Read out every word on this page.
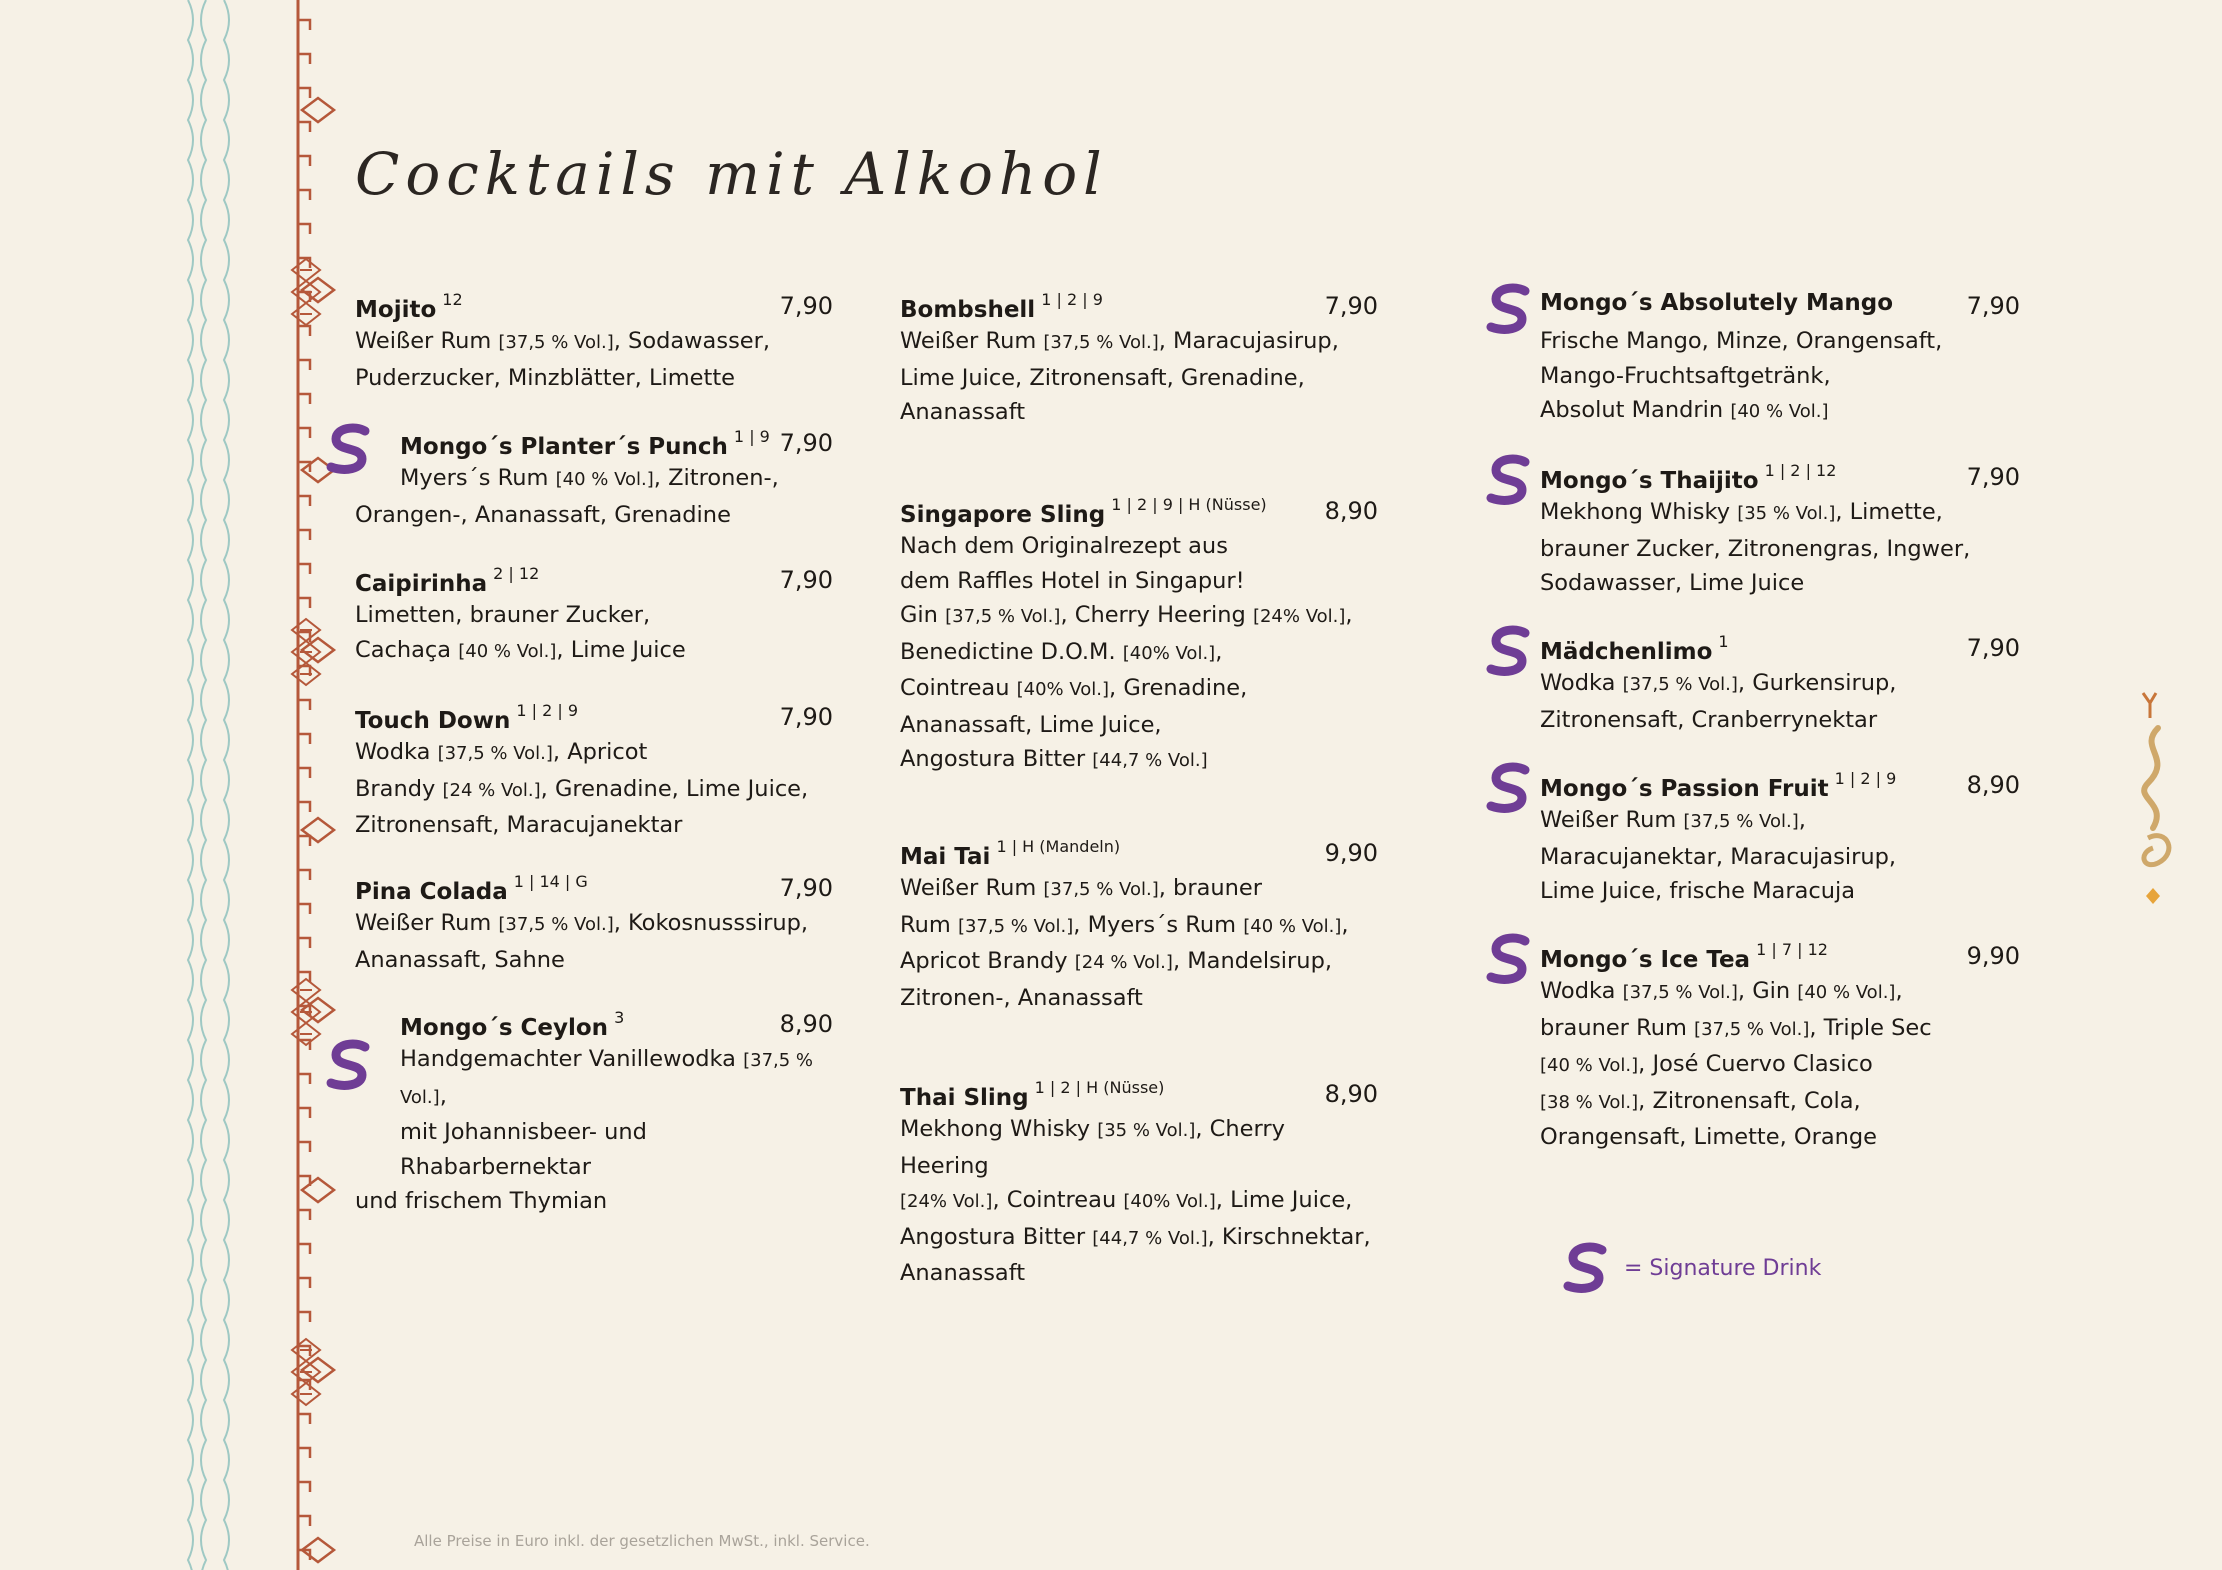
Cocktails mit Alkohol
Mojito 12	7,90
Weißer Rum [37,5 % Vol.], Sodawasser,
Puderzucker, Minzblätter, Limette
Mongo´s Planter´s Punch 1 | 9 7,90
Myers´s Rum [40 % Vol.], Zitronen-,
Orangen-, Ananassaft, Grenadine
Caipirinha 2 | 12	7,90
Limetten, brauner Zucker,
Cachaça [40 % Vol.], Lime Juice
Touch Down 1 | 2 | 9	7,90
Wodka [37,5 % Vol.], Apricot
Brandy [24 % Vol.], Grenadine, Lime Juice,
Zitronensaft, Maracujanektar
Pina Colada 1 | 14 | G	7,90
Weißer Rum [37,5 % Vol.], Kokosnusssirup,
Ananassaft, Sahne
Mongo´s Ceylon 3	8,90
Handgemachter Vanillewodka [37,5 % Vol.],
mit Johannisbeer- und Rhabarbernektar
und frischem Thymian
Bombshell 1 | 2 | 9	7,90
Weißer Rum [37,5 % Vol.], Maracujasirup,
Lime Juice, Zitronensaft, Grenadine,
Ananassaft
Singapore Sling 1 | 2 | 9 | H (Nüsse) 8,90
Nach dem Originalrezept aus
dem Raffles Hotel in Singapur!
Gin [37,5 % Vol.], Cherry Heering [24% Vol.],
Benedictine D.O.M. [40% Vol.],
Cointreau [40% Vol.], Grenadine,
Ananassaft, Lime Juice,
Angostura Bitter [44,7 % Vol.]
Mai Tai 1 | H (Mandeln)	9,90
Weißer Rum [37,5 % Vol.], brauner
Rum [37,5 % Vol.], Myers´s Rum [40 % Vol.],
Apricot Brandy [24 % Vol.], Mandelsirup,
Zitronen-, Ananassaft
Thai Sling 1 | 2 | H (Nüsse)	8,90
Mekhong Whisky [35 % Vol.], Cherry Heering
[24% Vol.], Cointreau [40% Vol.], Lime Juice,
Angostura Bitter [44,7 % Vol.], Kirschnektar,
Ananassaft
Mongo´s Absolutely Mango	7,90
Frische Mango, Minze, Orangensaft,
Mango-Fruchtsaftgetränk,
Absolut Mandrin [40 % Vol.]
Mongo´s Thaijito 1 | 2 | 12	7,90
Mekhong Whisky [35 % Vol.], Limette,
brauner Zucker, Zitronengras, Ingwer,
Sodawasser, Lime Juice
Mädchenlimo 1	7,90
Wodka [37,5 % Vol.], Gurkensirup,
Zitronensaft, Cranberrynektar
Mongo´s Passion Fruit 1 | 2 | 9	8,90
Weißer Rum [37,5 % Vol.],
Maracujanektar, Maracujasirup,
Lime Juice, frische Maracuja
Mongo´s Ice Tea 1 | 7 | 12	9,90
Wodka [37,5 % Vol.], Gin [40 % Vol.],
brauner Rum [37,5 % Vol.], Triple Sec
[40 % Vol.], José Cuervo Clasico
[38 % Vol.], Zitronensaft, Cola,
Orangensaft, Limette, Orange
= Signature Drink
Alle Preise in Euro inkl. der gesetzlichen MwSt., inkl. Service.
